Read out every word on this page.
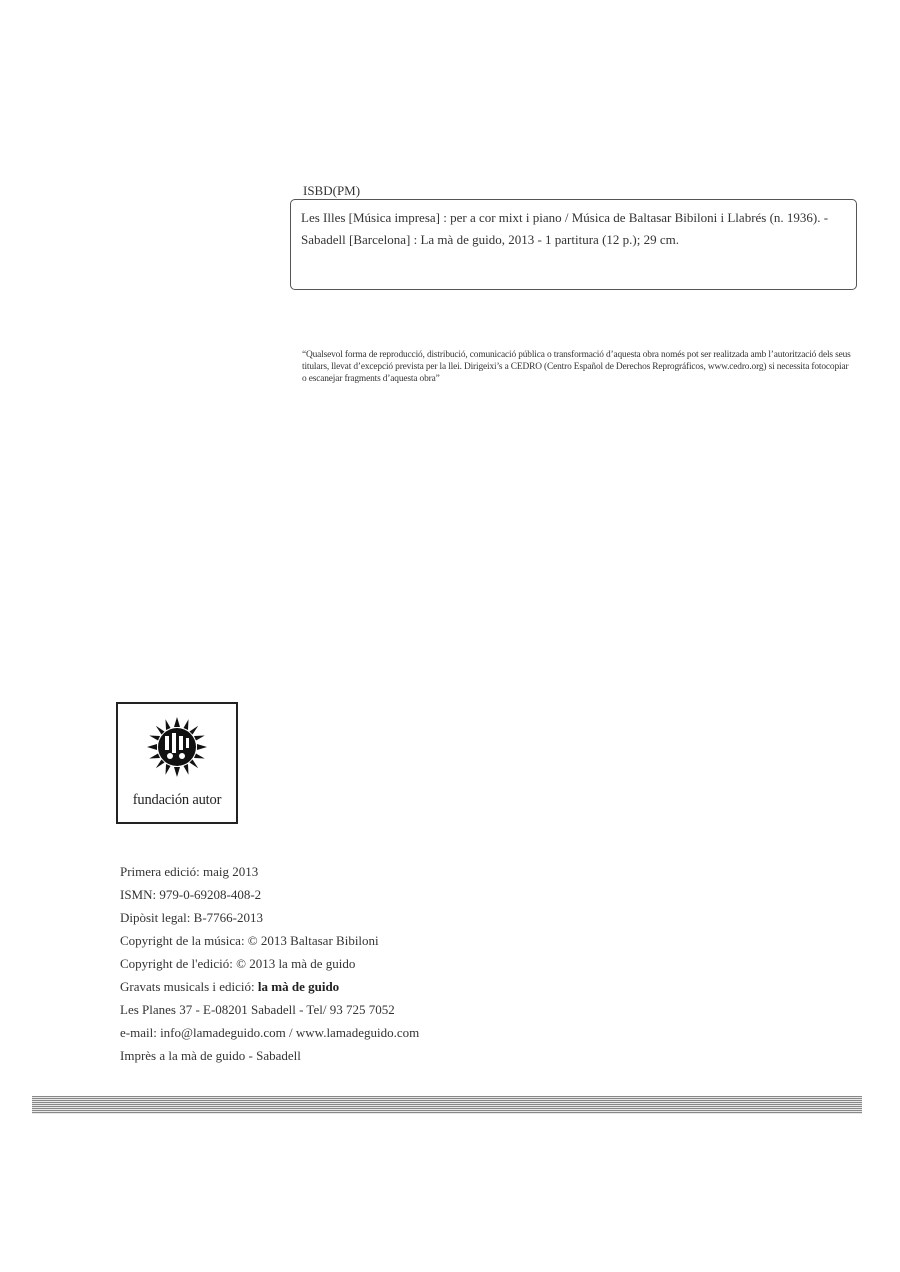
ISBD(PM)
Les Illes [Música impresa] : per a cor mixt i piano / Música de Baltasar Bibiloni i Llabrés (n. 1936). - Sabadell [Barcelona] : La mà de guido, 2013 - 1 partitura (12 p.); 29 cm.
“Qualsevol forma de reproducció, distribució, comunicació pública o transformació d’aquesta obra només pot ser realitzada amb l’autorització dels seus titulars, llevat d’excepció prevista per la llei. Dirigeixi’s a CEDRO (Centro Español de Derechos Reprográficos, www.cedro.org) si necessita fotocopiar o escanejar fragments d’aquesta obra”
fundación autor
Primera edició: maig 2013
ISMN: 979-0-69208-408-2
Dipòsit legal: B-7766-2013
Copyright de la música: © 2013 Baltasar Bibiloni
Copyright de l'edició: © 2013 la mà de guido
Gravats musicals i edició: la mà de guido
Les Planes 37 - E-08201 Sabadell - Tel/ 93 725 7052
e-mail: info@lamadeguido.com / www.lamadeguido.com
Imprès a la mà de guido - Sabadell
